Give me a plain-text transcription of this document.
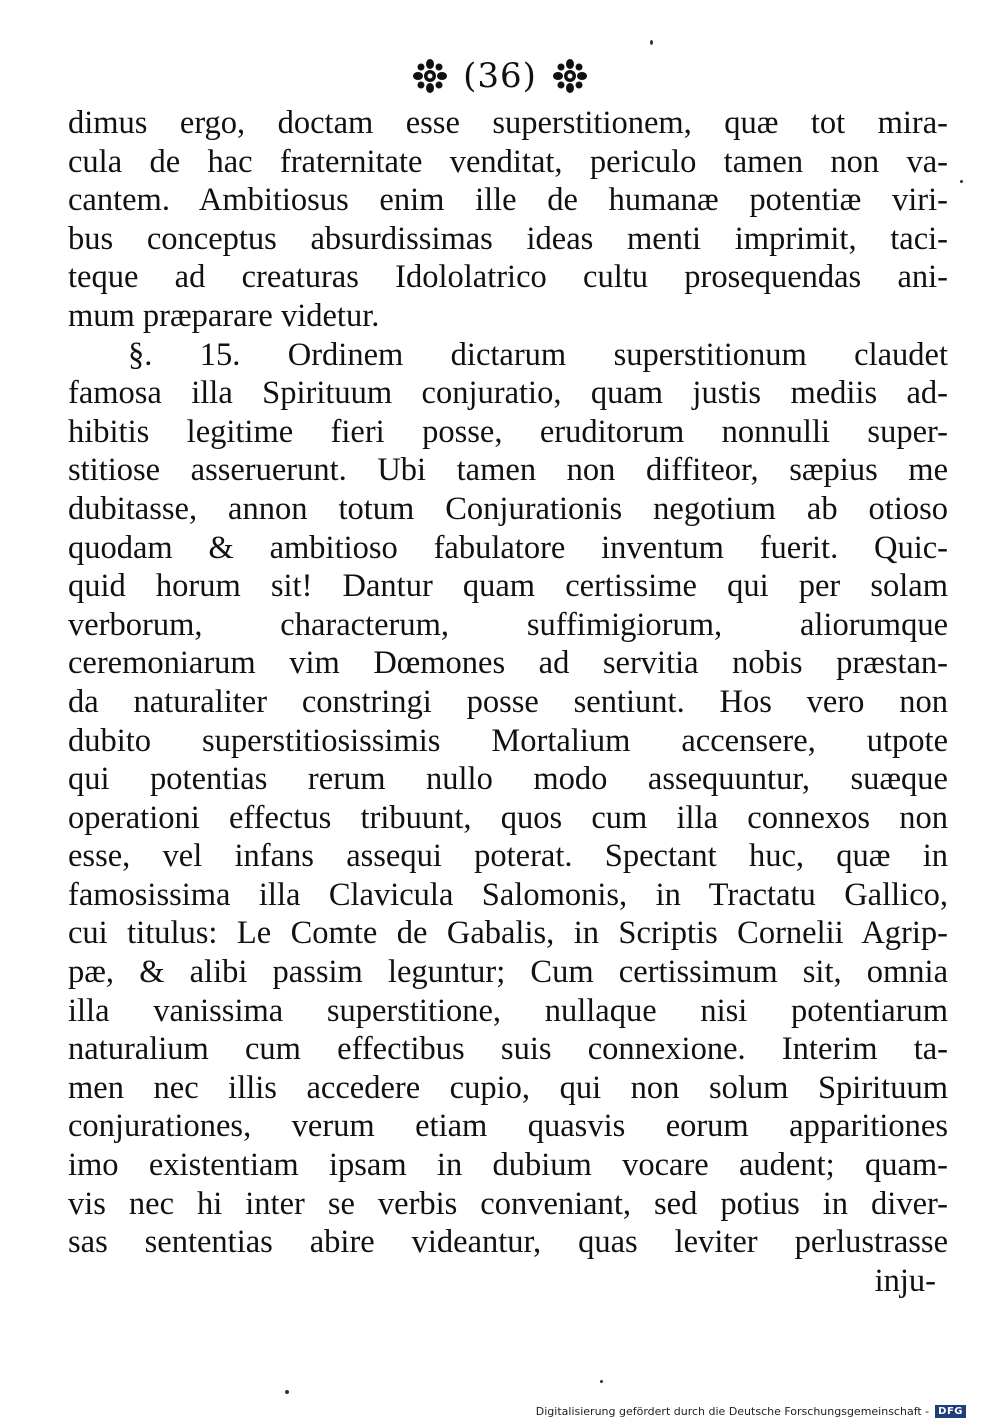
(36)
dimus ergo, doctam esse superstitionem, quæ tot mira-
cula de hac fraternitate venditat, periculo tamen non va-
cantem. Ambitiosus enim ille de humanæ potentiæ viri-
bus conceptus absurdissimas ideas menti imprimit, taci-
teque ad creaturas Idololatrico cultu prosequendas ani-
mum præparare videtur.
§. 15. Ordinem dictarum superstitionum claudet
famosa illa Spirituum conjuratio, quam justis mediis ad-
hibitis legitime fieri posse, eruditorum nonnulli super-
stitiose asseruerunt. Ubi tamen non diffiteor, sæpius me
dubitasse, annon totum Conjurationis negotium ab otioso
quodam & ambitioso fabulatore inventum fuerit. Quic-
quid horum sit! Dantur quam certissime qui per solam
verborum, characterum, suffimigiorum, aliorumque
ceremoniarum vim Dœmones ad servitia nobis præstan-
da naturaliter constringi posse sentiunt. Hos vero non
dubito superstitiosissimis Mortalium accensere, utpote
qui potentias rerum nullo modo assequuntur, suæque
operationi effectus tribuunt, quos cum illa connexos non
esse, vel infans assequi poterat. Spectant huc, quæ in
famosissima illa Clavicula Salomonis, in Tractatu Gallico,
cui titulus: Le Comte de Gabalis, in Scriptis Cornelii Agrip-
pæ, & alibi passim leguntur; Cum certissimum sit, omnia
illa vanissima superstitione, nullaque nisi potentiarum
naturalium cum effectibus suis connexione. Interim ta-
men nec illis accedere cupio, qui non solum Spirituum
conjurationes, verum etiam quasvis eorum apparitiones
imo existentiam ipsam in dubium vocare audent; quam-
vis nec hi inter se verbis conveniant, sed potius in diver-
sas sententias abire videantur, quas leviter perlustrasse
inju-
Digitalisierung gefördert durch die Deutsche Forschungsgemeinschaft - DFG
